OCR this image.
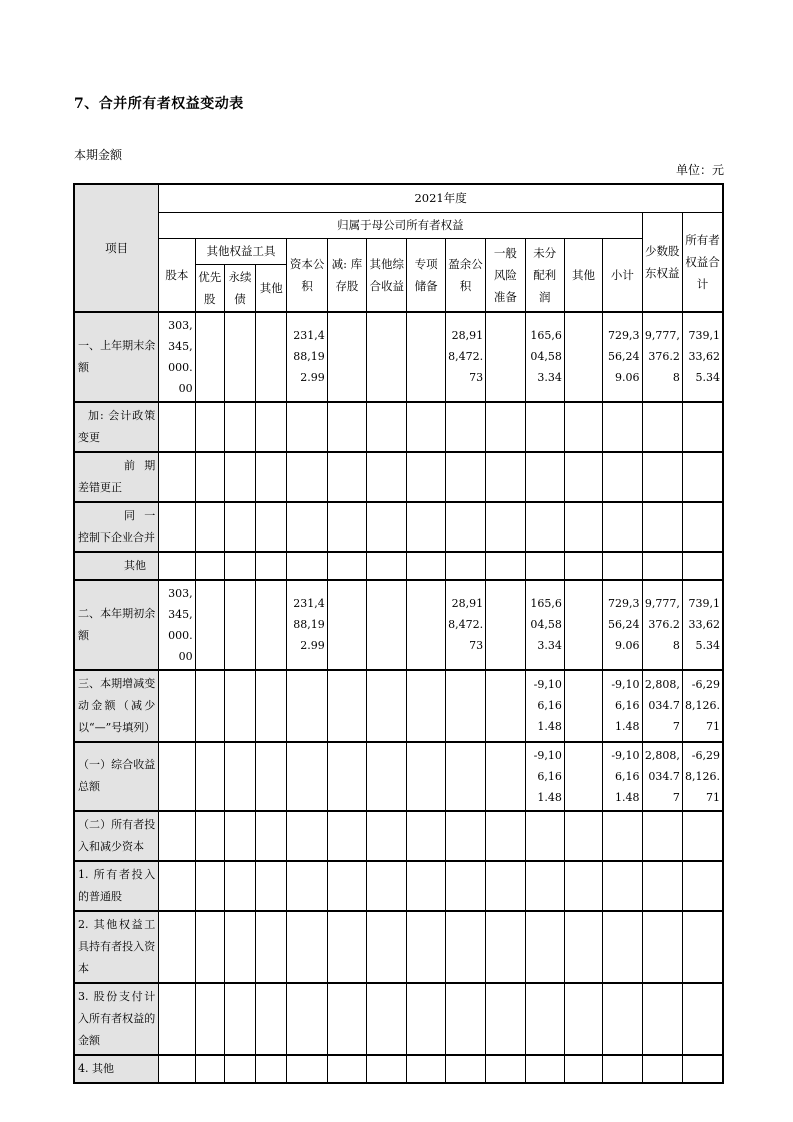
7、合并所有者权益变动表
本期金额
单位：元
项目	2021年度														
	归属于母公司所有者权益													少数股东权益	所有者权益合计
	股本	其他权益工具			资本公积	减: 库存股	其他综合收益	专项储备	盈余公积	一般风险准备	未分配利润	其他	小计		
		优先股	永续债	其他											
一、上年期末余额	303,345,000.00				231,488,192.99				28,918,472.73		165,604,583.34		729,356,249.06	9,777,376.28	739,133,625.34
加: 会计政策变更															
前期差错更正															
同一控制下企业合并															
其他															
二、本年期初余额	303,345,000.00				231,488,192.99				28,918,472.73		165,604,583.34		729,356,249.06	9,777,376.28	739,133,625.34
三、本期增减变动金额（减少以“—”号填列）											-9,106,161.48		-9,106,161.48	2,808,034.77	-6,298,126.71
（一）综合收益总额											-9,106,161.48		-9,106,161.48	2,808,034.77	-6,298,126.71
（二）所有者投入和减少资本															
1. 所有者投入的普通股															
2. 其他权益工具持有者投入资本															
3. 股份支付计入所有者权益的金额															
4. 其他															
